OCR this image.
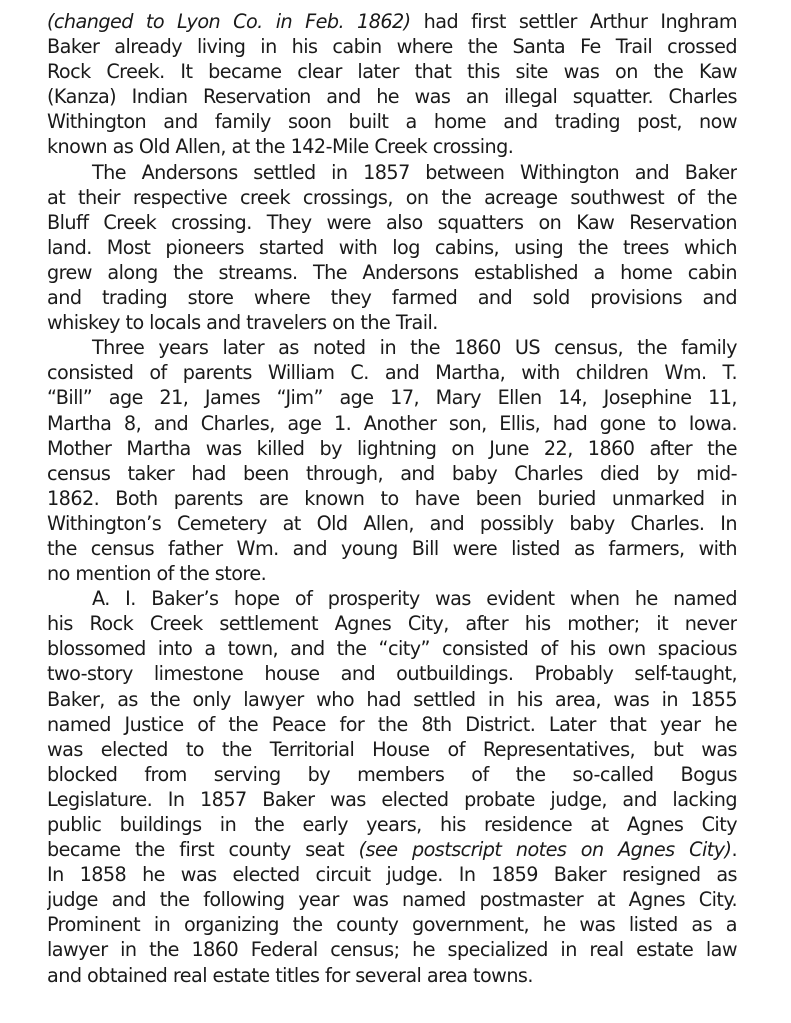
(changed to Lyon Co. in Feb. 1862) had first settler Arthur Inghram
Baker already living in his cabin where the Santa Fe Trail crossed
Rock Creek. It became clear later that this site was on the Kaw
(Kanza) Indian Reservation and he was an illegal squatter. Charles
Withington and family soon built a home and trading post, now
known as Old Allen, at the 142-Mile Creek crossing.
The Andersons settled in 1857 between Withington and Baker
at their respective creek crossings, on the acreage southwest of the
Bluff Creek crossing. They were also squatters on Kaw Reservation
land. Most pioneers started with log cabins, using the trees which
grew along the streams. The Andersons established a home cabin
and trading store where they farmed and sold provisions and
whiskey to locals and travelers on the Trail.
Three years later as noted in the 1860 US census, the family
consisted of parents William C. and Martha, with children Wm. T.
“Bill” age 21, James “Jim” age 17, Mary Ellen 14, Josephine 11,
Martha 8, and Charles, age 1. Another son, Ellis, had gone to Iowa.
Mother Martha was killed by lightning on June 22, 1860 after the
census taker had been through, and baby Charles died by mid-
1862. Both parents are known to have been buried unmarked in
Withington’s Cemetery at Old Allen, and possibly baby Charles. In
the census father Wm. and young Bill were listed as farmers, with
no mention of the store.
A. I. Baker’s hope of prosperity was evident when he named
his Rock Creek settlement Agnes City, after his mother; it never
blossomed into a town, and the “city” consisted of his own spacious
two-story limestone house and outbuildings. Probably self-taught,
Baker, as the only lawyer who had settled in his area, was in 1855
named Justice of the Peace for the 8th District. Later that year he
was elected to the Territorial House of Representatives, but was
blocked from serving by members of the so-called Bogus
Legislature. In 1857 Baker was elected probate judge, and lacking
public buildings in the early years, his residence at Agnes City
became the first county seat (see postscript notes on Agnes City).
In 1858 he was elected circuit judge. In 1859 Baker resigned as
judge and the following year was named postmaster at Agnes City.
Prominent in organizing the county government, he was listed as a
lawyer in the 1860 Federal census; he specialized in real estate law
and obtained real estate titles for several area towns.
